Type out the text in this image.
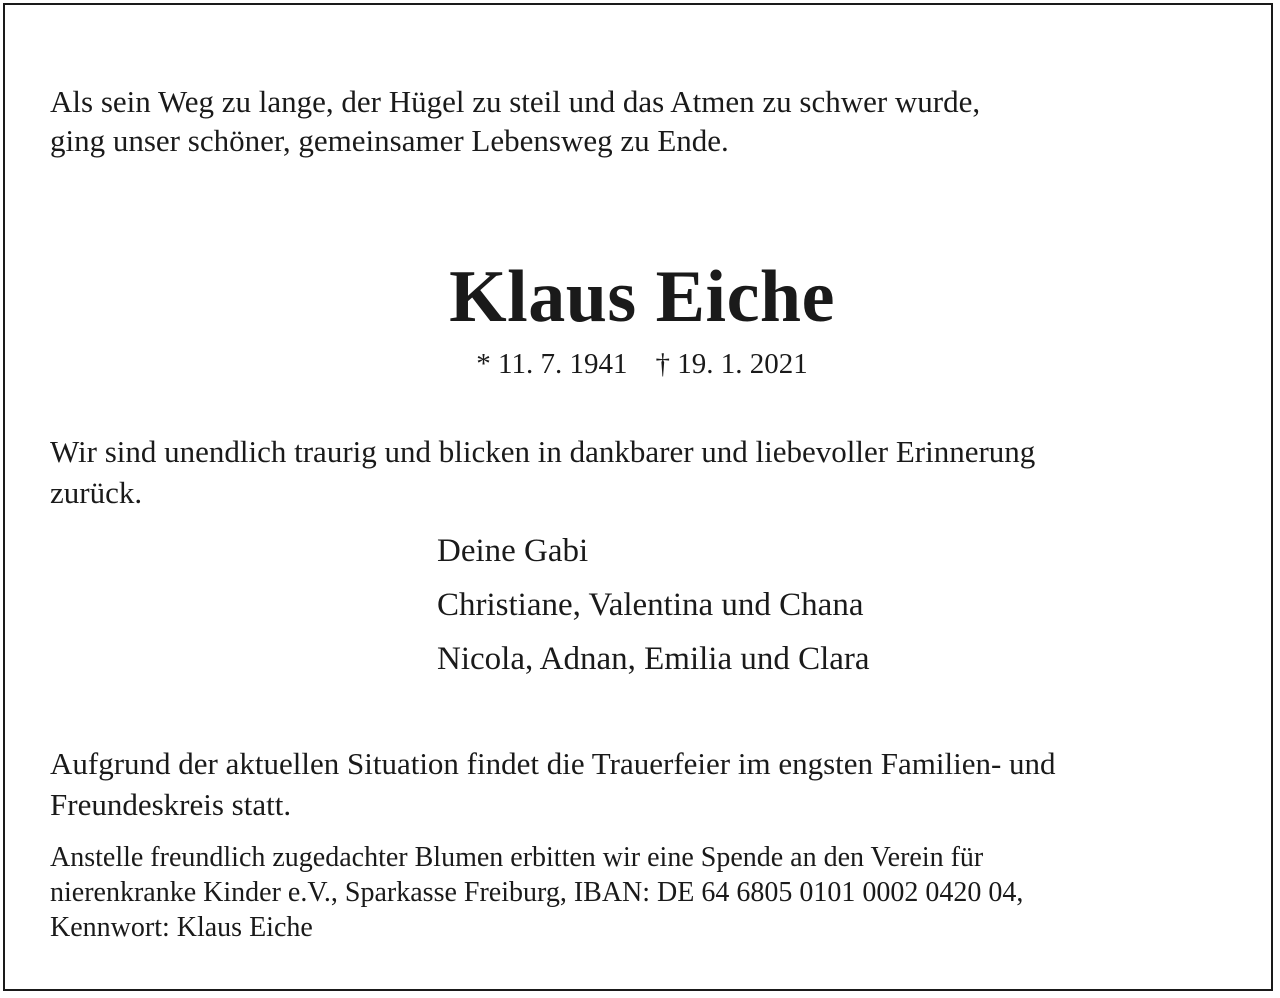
Als sein Weg zu lange, der Hügel zu steil und das Atmen zu schwer wurde,
ging unser schöner, gemeinsamer Lebensweg zu Ende.

Klaus Eiche

* 11. 7. 1941 † 19. 1. 2021

Wir sind unendlich traurig und blicken in dankbarer und liebevoller Erinnerung
zurück.

Deine Gabi
Christiane, Valentina und Chana
Nicola, Adnan, Emilia und Clara

Aufgrund der aktuellen Situation findet die Trauerfeier im engsten Familien- und
Freundeskreis statt.

Anstelle freundlich zugedachter Blumen erbitten wir eine Spende an den Verein für
nierenkranke Kinder e.V., Sparkasse Freiburg, IBAN: DE 64 6805 0101 0002 0420 04,
Kennwort: Klaus Eiche
